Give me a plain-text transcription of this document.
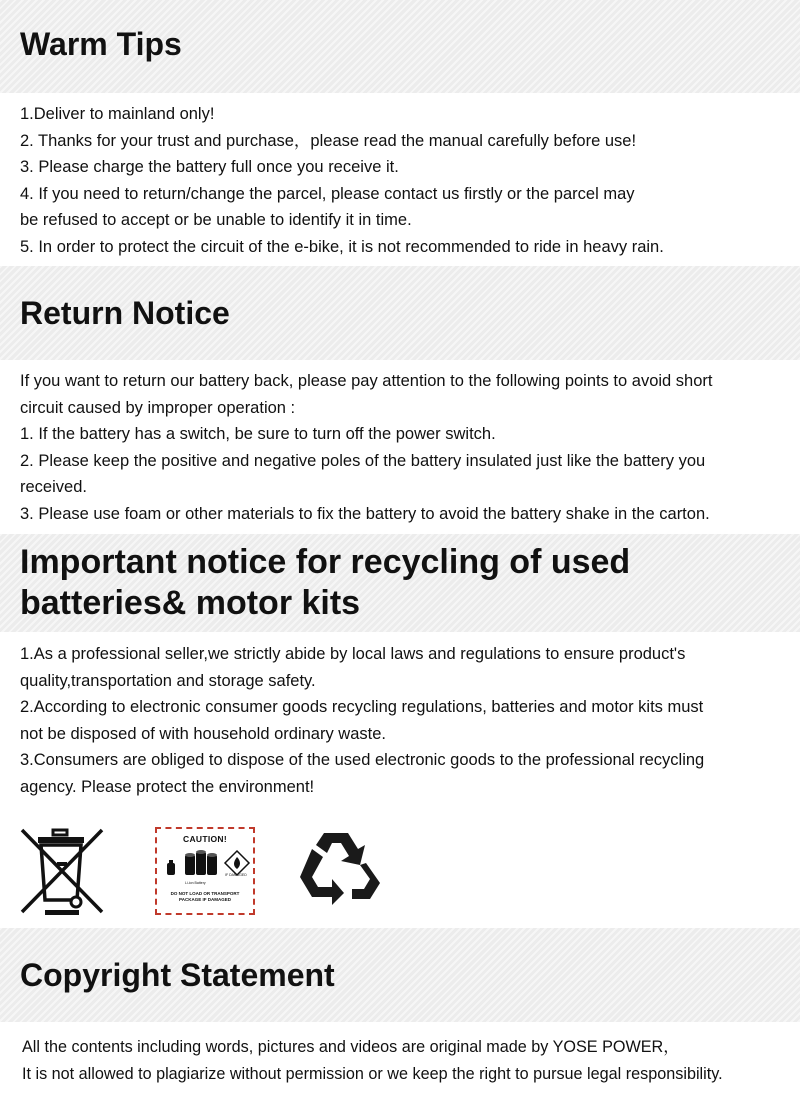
Warm Tips

1.Deliver to mainland only!

2. Thanks for your trust and purchase，please read the manual carefully before use!

3. Please charge the battery full once you receive it.

4. If you need to return/change the parcel, please contact us firstly or the parcel may

be refused to accept or be unable to identify it in time.

5. In order to protect the circuit of the e-bike, it is not recommended to ride in heavy rain.

Return Notice

If you want to return our battery back, please pay attention to the following points to avoid short

circuit caused by improper operation :

1. If the battery has a switch, be sure to turn off the power switch.

2. Please keep the positive and negative poles of the battery insulated just like the battery you

received.

3. Please use foam or other materials to fix the battery to avoid the battery shake in the carton.

Important notice for recycling of used batteries& motor kits

1.As a professional seller,we strictly abide by local laws and regulations to ensure product's

quality,transportation and storage safety.

2.According to electronic consumer goods recycling regulations, batteries and motor kits must

not be disposed of with household ordinary waste.

3.Consumers are obliged to dispose of the used electronic goods to the professional recycling

agency. Please protect the environment!

CAUTION!
Li-ion Battery
IF DAMAGED
DO NOT LOAD OR TRANSPORT
PACKAGE IF DAMAGED
Copyright Statement

All the contents including words, pictures and videos are original made by YOSE POWER，

It is not allowed to plagiarize without permission or we keep the right to pursue legal responsibility.
